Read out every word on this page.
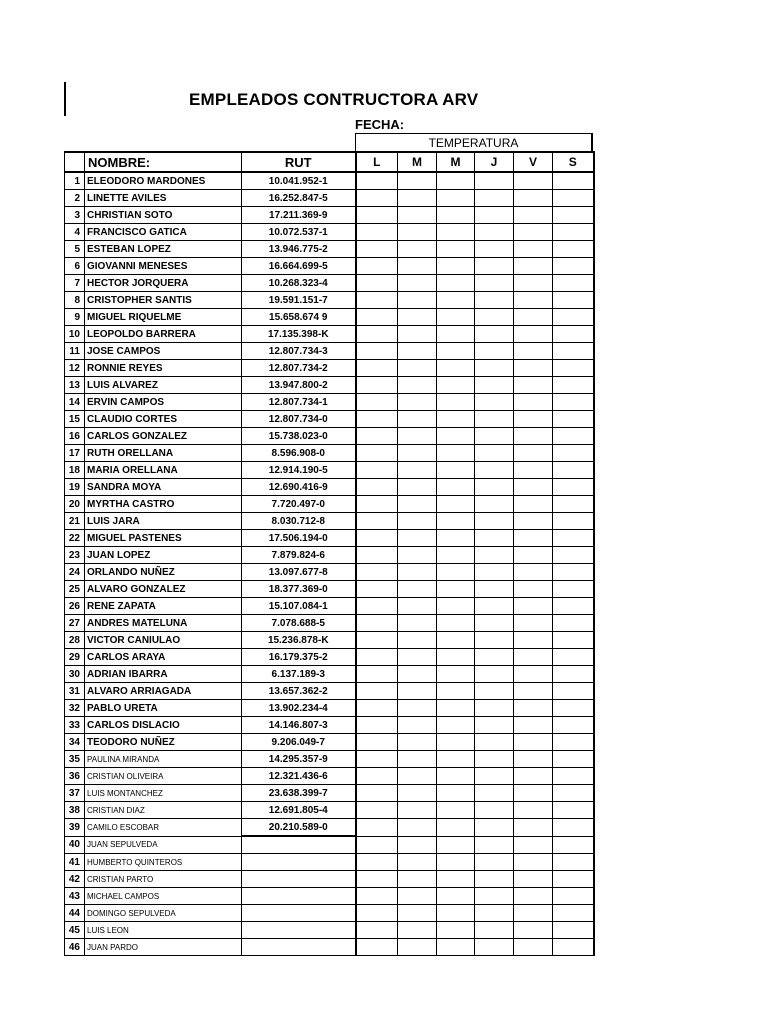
EMPLEADOS CONTRUCTORA ARV
FECHA:
TEMPERATURA
	NOMBRE:	RUT	L	M	M	J	V	S
1	ELEODORO MARDONES	10.041.952-1						
2	LINETTE AVILES	16.252.847-5						
3	CHRISTIAN SOTO	17.211.369-9						
4	FRANCISCO GATICA	10.072.537-1						
5	ESTEBAN LOPEZ	13.946.775-2						
6	GIOVANNI MENESES	16.664.699-5						
7	HECTOR JORQUERA	10.268.323-4						
8	CRISTOPHER SANTIS	19.591.151-7						
9	MIGUEL RIQUELME	15.658.674 9						
10	LEOPOLDO BARRERA	17.135.398-K						
11	JOSE CAMPOS	12.807.734-3						
12	RONNIE REYES	12.807.734-2						
13	LUIS ALVAREZ	13.947.800-2						
14	ERVIN CAMPOS	12.807.734-1						
15	CLAUDIO CORTES	12.807.734-0						
16	CARLOS GONZALEZ	15.738.023-0						
17	RUTH ORELLANA	8.596.908-0						
18	MARIA ORELLANA	12.914.190-5						
19	SANDRA MOYA	12.690.416-9						
20	MYRTHA CASTRO	7.720.497-0						
21	LUIS JARA	8.030.712-8						
22	MIGUEL PASTENES	17.506.194-0						
23	JUAN LOPEZ	7.879.824-6						
24	ORLANDO NUÑEZ	13.097.677-8						
25	ALVARO GONZALEZ	18.377.369-0						
26	RENE ZAPATA	15.107.084-1						
27	ANDRES MATELUNA	7.078.688-5						
28	VICTOR CANIULAO	15.236.878-K						
29	CARLOS ARAYA	16.179.375-2						
30	ADRIAN IBARRA	6.137.189-3						
31	ALVARO ARRIAGADA	13.657.362-2						
32	PABLO URETA	13.902.234-4						
33	CARLOS DISLACIO	14.146.807-3						
34	TEODORO NUÑEZ	9.206.049-7						
35	PAULINA MIRANDA	14.295.357-9						
36	CRISTIAN OLIVEIRA	12.321.436-6						
37	LUIS MONTANCHEZ	23.638.399-7						
38	CRISTIAN DIAZ	12.691.805-4						
39	CAMILO ESCOBAR	20.210.589-0						
40	JUAN SEPULVEDA							
41	HUMBERTO QUINTEROS							
42	CRISTIAN PARTO							
43	MICHAEL CAMPOS							
44	DOMINGO SEPULVEDA							
45	LUIS LEON							
46	JUAN PARDO							
